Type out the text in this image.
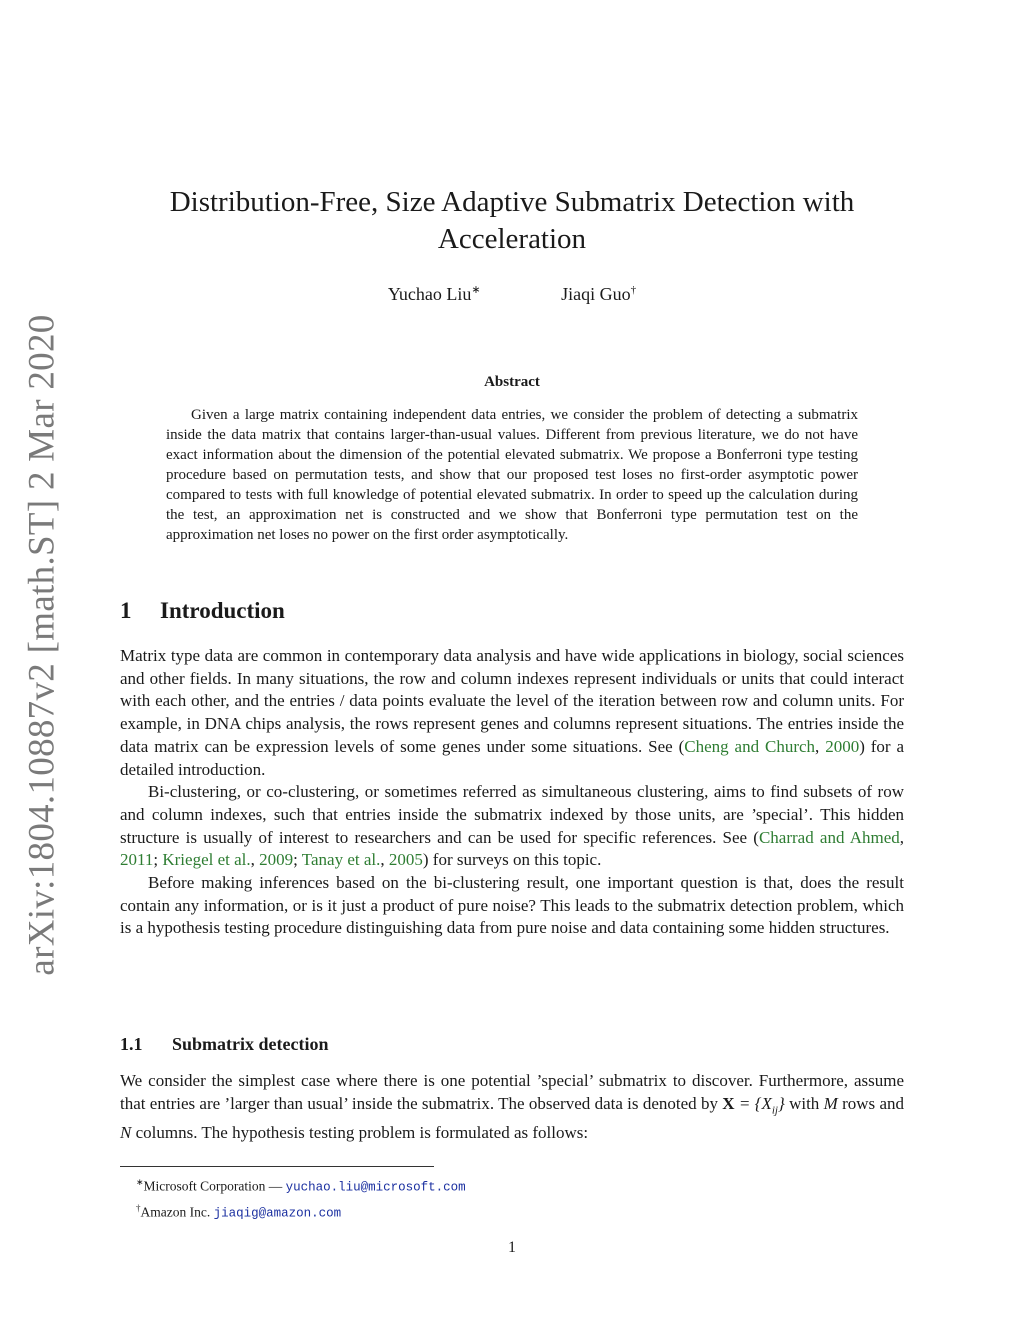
arXiv:1804.10887v2 [math.ST] 2 Mar 2020
Distribution-Free, Size Adaptive Submatrix Detection with
Acceleration
Yuchao Liu∗	Jiaqi Guo†
Abstract
Given a large matrix containing independent data entries, we consider the problem of detecting a submatrix inside the data matrix that contains larger-than-usual values. Different from previous literature, we do not have exact information about the dimension of the potential elevated submatrix. We propose a Bonferroni type testing procedure based on permutation tests, and show that our proposed test loses no first-order asymptotic power compared to tests with full knowledge of potential elevated submatrix. In order to speed up the calculation during the test, an approximation net is constructed and we show that Bonferroni type permutation test on the approximation net loses no power on the first order asymptotically.
1 Introduction

Matrix type data are common in contemporary data analysis and have wide applications in biology, social sciences and other fields. In many situations, the row and column indexes represent individuals or units that could interact with each other, and the entries / data points evaluate the level of the iteration between row and column units. For example, in DNA chips analysis, the rows represent genes and columns represent situations. The entries inside the data matrix can be expression levels of some genes under some situations. See (Cheng and Church, 2000) for a detailed introduction.

Bi-clustering, or co-clustering, or sometimes referred as simultaneous clustering, aims to find subsets of row and column indexes, such that entries inside the submatrix indexed by those units, are ’special’. This hidden structure is usually of interest to researchers and can be used for specific references. See (Charrad and Ahmed, 2011; Kriegel et al., 2009; Tanay et al., 2005) for surveys on this topic.

Before making inferences based on the bi-clustering result, one important question is that, does the result contain any information, or is it just a product of pure noise? This leads to the submatrix detection problem, which is a hypothesis testing procedure distinguishing data from pure noise and data containing some hidden structures.

1.1 Submatrix detection

We consider the simplest case where there is one potential ’special’ submatrix to discover. Furthermore, assume that entries are ’larger than usual’ inside the submatrix. The observed data is denoted by $X = \{X_{ij}\}$ with M rows and N columns. The hypothesis testing problem is formulated as follows:

∗Microsoft Corporation — yuchao.liu@microsoft.com
†Amazon Inc. jiaqig@amazon.com
1
